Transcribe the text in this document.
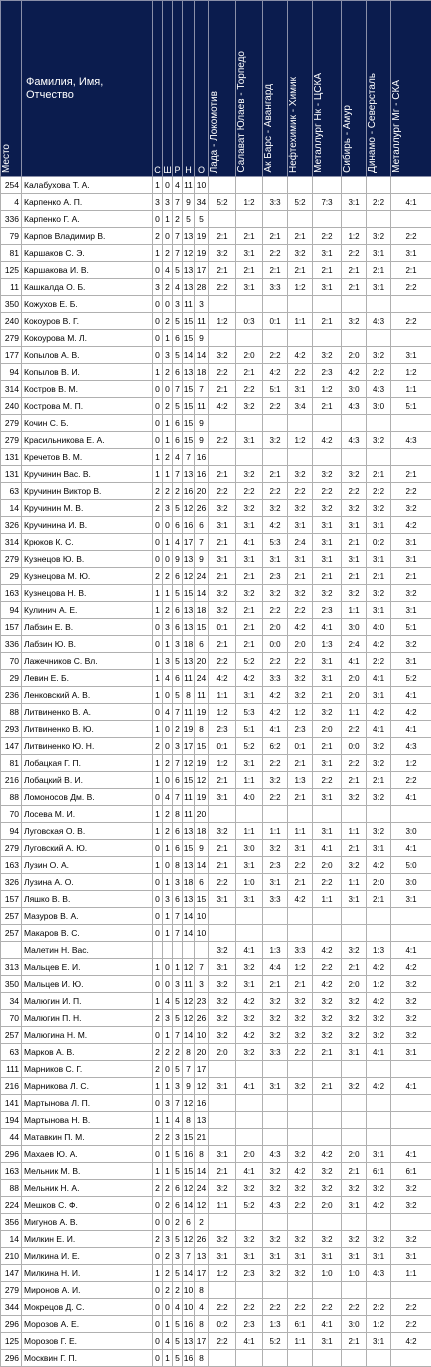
Место	Фамилия, Имя, Отчество	С	Ш	Р	Н	О	Лада - Локомотив	Салават Юлаев - Торпедо	Ак Барс - Авангард	Нефтехимик - Химик	Металлург Нк - ЦСКА	Сибирь - Амур	Динамо - Северсталь	Металлург Мг - СКА

254	Калабухова Т. А.	1	0	4	11	10								
4	Карпенко А. П.	3	3	7	9	34	5:2	1:2	3:3	5:2	7:3	3:1	2:2	4:1
336	Карпенко Г. А.	0	1	2	5	5								
79	Карпов Владимир В.	2	0	7	13	19	2:1	2:1	2:1	2:1	2:2	1:2	3:2	2:2
81	Каршаков С. Э.	1	2	7	12	19	3:2	3:1	2:2	3:2	3:1	2:2	3:1	3:1
125	Каршакова И. В.	0	4	5	13	17	2:1	2:1	2:1	2:1	2:1	2:1	2:1	2:1
11	Кашкалда О. Б.	3	2	4	13	28	2:2	3:1	3:3	1:2	3:1	2:1	3:1	2:2
350	Кожухов Е. Б.	0	0	3	11	3								
240	Кокоуров В. Г.	0	2	5	15	11	1:2	0:3	0:1	1:1	2:1	3:2	4:3	2:2
279	Кокоурова М. Л.	0	1	6	15	9								
177	Копылов А. В.	0	3	5	14	14	3:2	2:0	2:2	4:2	3:2	2:0	3:2	3:1
94	Копылов В. И.	1	2	6	13	18	2:2	2:1	4:2	2:2	2:3	4:2	2:2	1:2
314	Костров В. М.	0	0	7	15	7	2:1	2:2	5:1	3:1	1:2	3:0	4:3	1:1
240	Кострова М. П.	0	2	5	15	11	4:2	3:2	2:2	3:4	2:1	4:3	3:0	5:1
279	Кочин С. Б.	0	1	6	15	9								
279	Красильникова Е. А.	0	1	6	15	9	2:2	3:1	3:2	1:2	4:2	4:3	3:2	4:3
131	Кречетов В. М.	1	2	4	7	16								
131	Кручинин Вас. В.	1	1	7	13	16	2:1	3:2	2:1	3:2	3:2	3:2	2:1	2:1
63	Кручинин Виктор В.	2	2	2	16	20	2:2	2:2	2:2	2:2	2:2	2:2	2:2	2:2
14	Кручинин М. В.	2	3	5	12	26	3:2	3:2	3:2	3:2	3:2	3:2	3:2	3:2
326	Кручинина И. В.	0	0	6	16	6	3:1	3:1	4:2	3:1	3:1	3:1	3:1	4:2
314	Крюков К. С.	0	1	4	17	7	2:1	4:1	5:3	2:4	3:1	2:1	0:2	3:1
279	Кузнецов Ю. В.	0	0	9	13	9	3:1	3:1	3:1	3:1	3:1	3:1	3:1	3:1
29	Кузнецова М. Ю.	2	2	6	12	24	2:1	2:1	2:3	2:1	2:1	2:1	2:1	2:1
163	Кузнецова Н. В.	1	1	5	15	14	3:2	3:2	3:2	3:2	3:2	3:2	3:2	3:2
94	Кулинич А. Е.	1	2	6	13	18	3:2	2:1	2:2	2:2	2:3	1:1	3:1	3:1
157	Лабзин Е. В.	0	3	6	13	15	0:1	2:1	2:0	4:2	4:1	3:0	4:0	5:1
336	Лабзин Ю. В.	0	1	3	18	6	2:1	2:1	0:0	2:0	1:3	2:4	4:2	3:2
70	Лажечников С. Вл.	1	3	5	13	20	2:2	5:2	2:2	2:2	3:1	4:1	2:2	3:1
29	Левин Е. Б.	1	4	6	11	24	4:2	4:2	3:3	3:2	3:1	2:0	4:1	5:2
236	Ленковский А. В.	1	0	5	8	11	1:1	3:1	4:2	3:2	2:1	2:0	3:1	4:1
88	Литвиненко В. А.	0	4	7	11	19	1:2	5:3	4:2	1:2	3:2	1:1	4:2	4:2
293	Литвиненко В. Ю.	1	0	2	19	8	2:3	5:1	4:1	2:3	2:0	2:2	4:1	4:1
147	Литвиненко Ю. Н.	2	0	3	17	15	0:1	5:2	6:2	0:1	2:1	0:0	3:2	4:3
81	Лобацкая Г. П.	1	2	7	12	19	1:2	3:1	2:2	2:1	3:1	2:2	3:2	1:2
216	Лобацкий В. И.	1	0	6	15	12	2:1	1:1	3:2	1:3	2:2	2:1	2:1	2:2
88	Ломоносов Дм. В.	0	4	7	11	19	3:1	4:0	2:2	2:1	3:1	3:2	3:2	4:1
70	Лосева М. И.	1	2	8	11	20								
94	Луговская О. В.	1	2	6	13	18	3:2	1:1	1:1	1:1	3:1	1:1	3:2	3:0
279	Луговский А. Ю.	0	1	6	15	9	2:1	3:0	3:2	3:1	4:1	2:1	3:1	4:1
163	Лузин О. А.	1	0	8	13	14	2:1	3:1	2:3	2:2	2:0	3:2	4:2	5:0
326	Лузина А. О.	0	1	3	18	6	2:2	1:0	3:1	2:1	2:2	1:1	2:0	3:0
157	Ляшко В. В.	0	3	6	13	15	3:1	3:1	3:3	4:2	1:1	3:1	2:1	3:1
257	Мазуров В. А.	0	1	7	14	10								
257	Макаров В. С.	0	1	7	14	10								
	Малетин Н. Вас.						3:2	4:1	1:3	3:3	4:2	3:2	1:3	4:1
313	Мальцев Е. И.	1	0	1	12	7	3:1	3:2	4:4	1:2	2:2	2:1	4:2	4:2
350	Мальцев И. Ю.	0	0	3	11	3	3:2	3:1	2:1	2:1	4:2	2:0	1:2	3:2
34	Малюгин И. П.	1	4	5	12	23	3:2	4:2	3:2	3:2	3:2	3:2	4:2	3:2
70	Малюгин П. Н.	2	3	5	12	26	3:2	3:2	3:2	3:2	3:2	3:2	3:2	3:2
257	Малюгина Н. М.	0	1	7	14	10	3:2	4:2	3:2	3:2	3:2	3:2	3:2	3:2
63	Марков А. В.	2	2	2	8	20	2:0	3:2	3:3	2:2	2:1	3:1	4:1	3:1
111	Марников С. Г.	2	0	5	7	17								
216	Марникова Л. С.	1	1	3	9	12	3:1	4:1	3:1	3:2	2:1	3:2	4:2	4:1
141	Мартынова Л. П.	0	3	7	12	16								
194	Мартынова Н. В.	1	1	4	8	13								
44	Матавкин П. М.	2	2	3	15	21								
296	Махаев Ю. А.	0	1	5	16	8	3:1	2:0	4:3	3:2	4:2	2:0	3:1	4:1
163	Мельник М. В.	1	1	5	15	14	2:1	4:1	3:2	4:2	3:2	2:1	6:1	6:1
88	Мельник Н. А.	2	2	6	12	24	3:2	3:2	3:2	3:2	3:2	3:2	3:2	3:2
224	Мешков С. Ф.	0	2	6	14	12	1:1	5:2	4:3	2:2	2:0	3:1	4:2	3:2
356	Мигунов А. В.	0	0	2	6	2								
14	Милкин Е. И.	2	3	5	12	26	3:2	3:2	3:2	3:2	3:2	3:2	3:2	3:2
210	Милкина И. Е.	0	2	3	7	13	3:1	3:1	3:1	3:1	3:1	3:1	3:1	3:1
147	Милкина Н. И.	1	2	5	14	17	1:2	2:3	3:2	3:2	1:0	1:0	4:3	1:1
279	Миронов А. И.	0	2	2	10	8								
344	Мокрецов Д. С.	0	0	4	10	4	2:2	2:2	2:2	2:2	2:2	2:2	2:2	2:2
296	Морозов А. Е.	0	1	5	16	8	0:2	2:3	1:3	6:1	4:1	3:0	1:2	2:2
125	Морозов Г. Е.	0	4	5	13	17	2:2	4:1	5:2	1:1	3:1	2:1	3:1	4:2
296	Москвин Г. П.	0	1	5	16	8								
